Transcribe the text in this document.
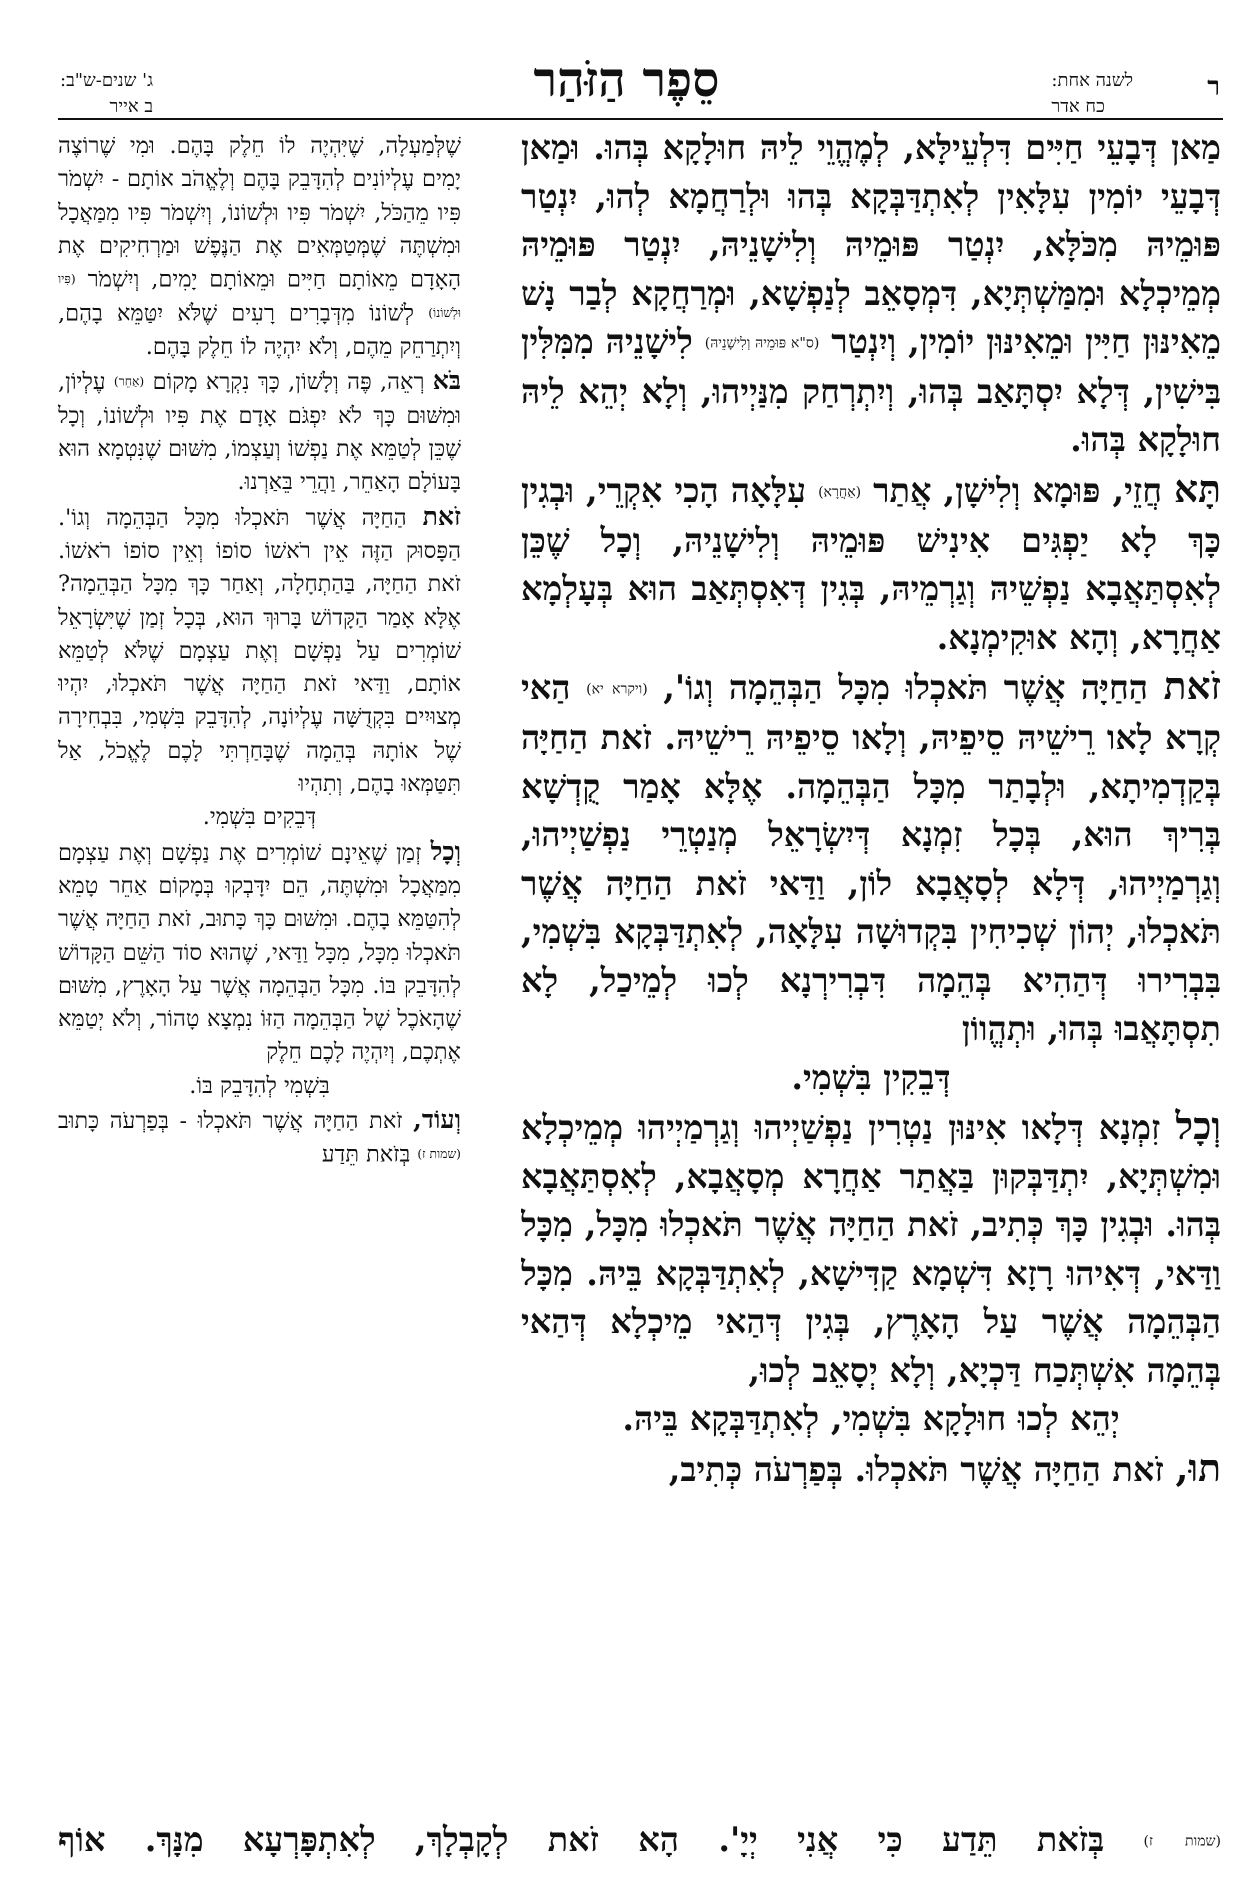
ר
לשנה אחת:
כח אדר
סֵפֶר הַזֹּהַר
ג' שנים-ש"ב:
ב אייר

מַאן דְּבָעֵי חַיִּים דִּלְעֵילָּא, לְמֶהֱוֵי לֵיהּ חוּלָקָא בְּהוּ. וּמַאן דְּבָעֵי יוֹמִין עִלָּאִין לְאִתְדַּבְּקָא בְּהוּ וּלְרַחֲמָא לְהוּ, יִנְטַר פּוּמֵיהּ מִכֹּלָּא, יִנְטַר פּוּמֵיהּ וְלִישָׁנֵיהּ, יִנְטַר פּוּמֵיהּ מְמֵיכְלָא וּמִמַּשְׁתְּיָא, דִּמְסָאֵב לְנַפְשָׁא, וּמְרַחֲקָא לְבַר נָשׁ מֵאִינּוּן חַיִּין וּמֵאִינּוּן יוֹמִין, וְיִנְטַר (ס"א פּוּמֵיהּ וְלִישָׁנֵיהּ) לִישָׁנֵיהּ מִמִּלִּין בִּישִׁין, דְּלָא יִסְתָּאַב בְּהוּ, וְיִתְרְחַק מִנַּיְיהוּ, וְלָא יְהֵא לֵיהּ חוּלָקָא בְּהוּ.

תָּא חֲזֵי, פּוּמָא וְלִישָׁן, אֲתַר (אַחֲרָא) עִלָּאָה הָכִי אִקְרֵי, וּבְגִין כָּךְ לָא יַפְגִּים אִינִישׁ פּוּמֵיהּ וְלִישָׁנֵיהּ, וְכָל שֶׁכֵּן לְאִסְתַּאֲבָא נַפְשֵׁיהּ וְגַרְמֵיהּ, בְּגִין דְּאִסְתְּאַב הוּא בְּעָלְמָא אַחֲרָא, וְהָא אוּקִימְנָא.

זֹאת הַחַיָּה אֲשֶׁר תֹּאכְלוּ מִכָּל הַבְּהֵמָה וְגוֹ', (ויקרא יא) הַאי קְרָא לָאו רֵישֵׁיהּ סֵיפֵיהּ, וְלָאו סֵיפֵיהּ רֵישֵׁיהּ. זֹאת הַחַיָּה בְּקַדְמִיתָא, וּלְבָתַר מִכָּל הַבְּהֵמָה. אֶלָּא אָמַר קֻדְשָׁא בְּרִיךְ הוּא, בְּכָל זִמְנָא דְּיִשְׂרָאֵל מְנַטְרֵי נַפְשַׁיְיהוּ, וְגַרְמַיְיהוּ, דְּלָא לְסָאֲבָא לוֹן, וַדַּאי זֹאת הַחַיָּה אֲשֶׁר תֹּאכְלוּ, יְהוֹן שְׁכִיחִין בִּקְדוּשָׁה עִלָּאָה, לְאִתְדַּבְּקָא בִּשְׁמִי, בִּבְרִירוּ דְּהַהִיא בְּהֵמָה דִּבְרִירְנָא לְכוּ לְמֵיכַל, לָא תִסְתָּאֲבוּ בְּהוּ, וּתְהֱווֹן

דְּבֵקִין בִּשְׁמִי.

וְכָל זִמְנָא דְּלָאו אִינּוּן נַטְרִין נַפְשַׁיְיהוּ וְגַרְמַיְיהוּ מְמֵיכְלָא וּמִשְׁתְּיָא, יִתְדַּבְּקוּן בַּאֲתַר אַחֲרָא מְסָאֲבָא, לְאִסְתַּאֲבָא בְּהוּ. וּבְגִין כָּךְ כְּתִיב, זֹאת הַחַיָּה אֲשֶׁר תֹּאכְלוּ מִכָּל, מִכָּל וַדַּאי, דְּאִיהוּ רָזָא דִּשְׁמָא קַדִּישָׁא, לְאִתְדַּבְּקָא בֵּיהּ. מִכָּל הַבְּהֵמָה אֲשֶׁר עַל הָאָרֶץ, בְּגִין דְּהַאי מֵיכְלָא דְּהַאי בְּהֵמָה אִשְׁתְּכַח דַּכְיָא, וְלָא יְסָאֵב לְכוּ,

יְהֵא לְכוּ חוּלָקָא בִּשְׁמִי, לְאִתְדַּבְּקָא בֵּיהּ.

תוּ, זֹאת הַחַיָּה אֲשֶׁר תֹּאכְלוּ. בְּפַרְעֹה כְּתִיב,

שֶׁלְּמַעְלָה, שֶׁיִּהְיֶה לוֹ חֵלֶק בָּהֶם. וּמִי שֶׁרוֹצֶה יָמִים עֶלְיוֹנִים לְהִדָּבֵק בָּהֶם וְלֶאֱהֹב אוֹתָם - יִשְׁמֹר פִּיו מֵהַכֹּל, יִשְׁמֹר פִּיו וּלְשׁוֹנוֹ, וְיִשְׁמֹר פִּיו מִמַּאֲכָל וּמִשְׁתֶּה שֶׁמְּטַמְּאִים אֶת הַנֶּפֶשׁ וּמַרְחִיקִים אֶת הָאָדָם מֵאוֹתָם חַיִּים וּמֵאוֹתָם יָמִים, וְיִשְׁמֹר (פִּיו וּלְשׁוֹנוֹ) לְשׁוֹנוֹ מִדְּבָרִים רָעִים שֶׁלֹּא יִטַּמֵּא בָהֶם, וְיִתְרַחֵק מֵהֶם, וְלֹא יִהְיֶה לוֹ חֵלֶק בָּהֶם.

בֹּא רְאֵה, פֶּה וְלָשׁוֹן, כָּךְ נִקְרָא מָקוֹם (אַחֵר) עֶלְיוֹן, וּמִשּׁוּם כָּךְ לֹא יִפְגֹּם אָדָם אֶת פִּיו וּלְשׁוֹנוֹ, וְכָל שֶׁכֵּן לְטַמֵּא אֶת נַפְשׁוֹ וְעַצְמוֹ, מִשּׁוּם שֶׁנִּטְמָא הוּא בָּעוֹלָם הָאַחֵר, וַהֲרֵי בֵּאַרְנוּ.

זֹאת הַחַיָּה אֲשֶׁר תֹּאכְלוּ מִכָּל הַבְּהֵמָה וְגוֹ'. הַפָּסוּק הַזֶּה אֵין רֹאשׁוֹ סוֹפוֹ וְאֵין סוֹפוֹ רֹאשׁוֹ. זֹאת הַחַיָּה, בַּהַתְחָלָה, וְאַחַר כָּךְ מִכָּל הַבְּהֵמָה? אֶלָּא אָמַר הַקָּדוֹשׁ בָּרוּךְ הוּא, בְּכָל זְמַן שֶׁיִּשְׂרָאֵל שׁוֹמְרִים עַל נַפְשָׁם וְאֶת עַצְמָם שֶׁלֹּא לְטַמֵּא אוֹתָם, וַדַּאי זֹאת הַחַיָּה אֲשֶׁר תֹּאכְלוּ, יִהְיוּ מְצוּיִים בִּקְדֻשָּׁה עֶלְיוֹנָה, לְהִדָּבֵק בִּשְׁמִי, בִּבְחִירָה שֶׁל אוֹתָהּ בְּהֵמָה שֶׁבָּחַרְתִּי לָכֶם לֶאֱכֹל, אַל תִּטַּמְּאוּ בָהֶם, וְתִהְיוּ

דְּבֵקִים בִּשְׁמִי.

וְכָל זְמַן שֶׁאֵינָם שׁוֹמְרִים אֶת נַפְשָׁם וְאֶת עַצְמָם מִמַּאֲכָל וּמִשְׁתֶּה, הֵם יִדָּבְקוּ בְּמָקוֹם אַחֵר טָמֵא לְהִטַּמֵּא בָהֶם. וּמִשּׁוּם כָּךְ כָּתוּב, זֹאת הַחַיָּה אֲשֶׁר תֹּאכְלוּ מִכָּל, מִכָּל וַדַּאי, שֶׁהוּא סוֹד הַשֵּׁם הַקָּדוֹשׁ לְהִדָּבֵק בּוֹ. מִכָּל הַבְּהֵמָה אֲשֶׁר עַל הָאָרֶץ, מִשּׁוּם שֶׁהָאֹכֶל שֶׁל הַבְּהֵמָה הַזּוֹ נִמְצָא טָהוֹר, וְלֹא יְטַמֵּא אֶתְכֶם, וְיִהְיֶה לָכֶם חֵלֶק

בִּשְׁמִי לְהִדָּבֵק בּוֹ.

וְעוֹד, זֹאת הַחַיָּה אֲשֶׁר תֹּאכְלוּ - בְּפַרְעֹה כָּתוּב (שמות ז) בְּזֹאת תֵּדַע

(שמות ז) בְּזֹאת תֵּדַע כִּי אֲנִי יְיָ'. הָא זֹאת לְקָבְלָךְ, לְאִתְפָּרְעָא מִנָּךְ. אוֹף
